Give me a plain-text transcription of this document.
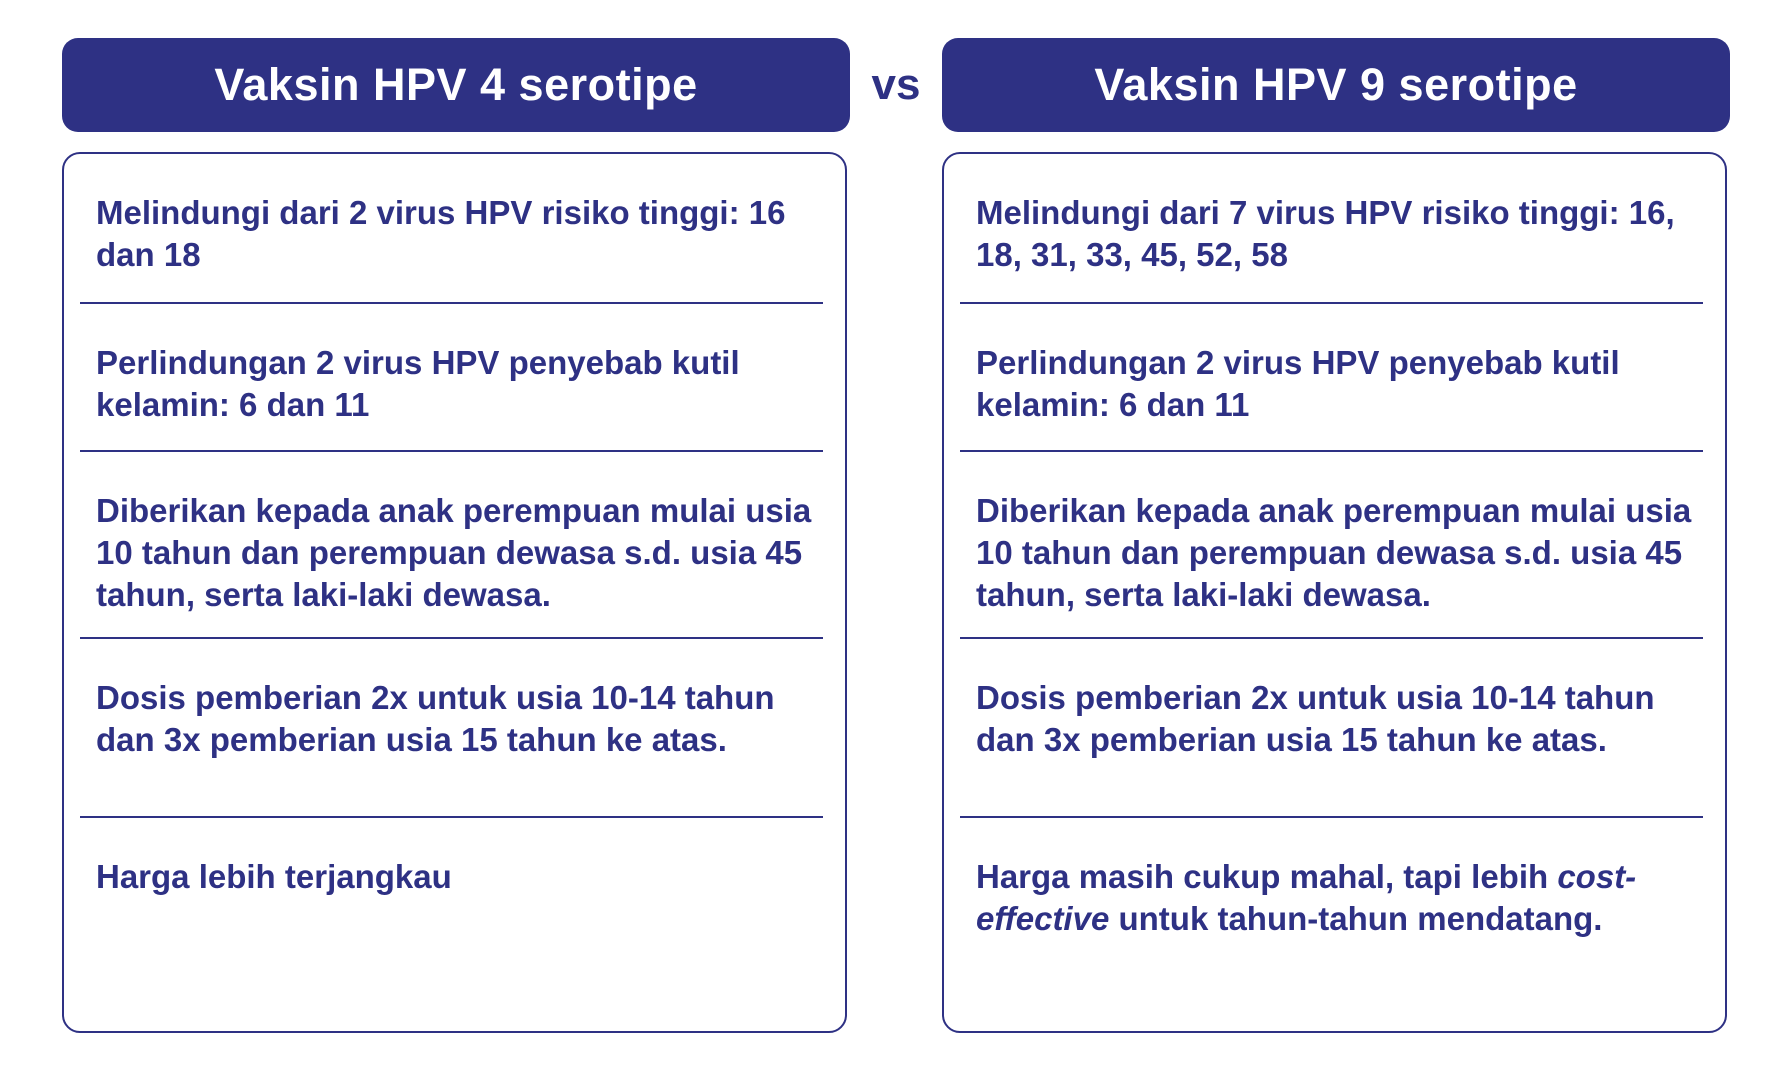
Vaksin HPV 4 serotipe	vs	Vaksin HPV 9 serotipe
Melindungi dari 2 virus HPV risiko tinggi: 16 dan 18
Perlindungan 2 virus HPV penyebab kutil kelamin: 6 dan 11
Diberikan kepada anak perempuan mulai usia 10 tahun dan perempuan dewasa s.d. usia 45 tahun, serta laki-laki dewasa.
Dosis pemberian 2x untuk usia 10-14 tahun dan 3x pemberian usia 15 tahun ke atas.
Harga lebih terjangkau
Melindungi dari 7 virus HPV risiko tinggi: 16, 18, 31, 33, 45, 52, 58
Perlindungan 2 virus HPV penyebab kutil kelamin: 6 dan 11
Diberikan kepada anak perempuan mulai usia 10 tahun dan perempuan dewasa s.d. usia 45 tahun, serta laki-laki dewasa.
Dosis pemberian 2x untuk usia 10-14 tahun dan 3x pemberian usia 15 tahun ke atas.
Harga masih cukup mahal, tapi lebih cost-effective untuk tahun-tahun mendatang.
